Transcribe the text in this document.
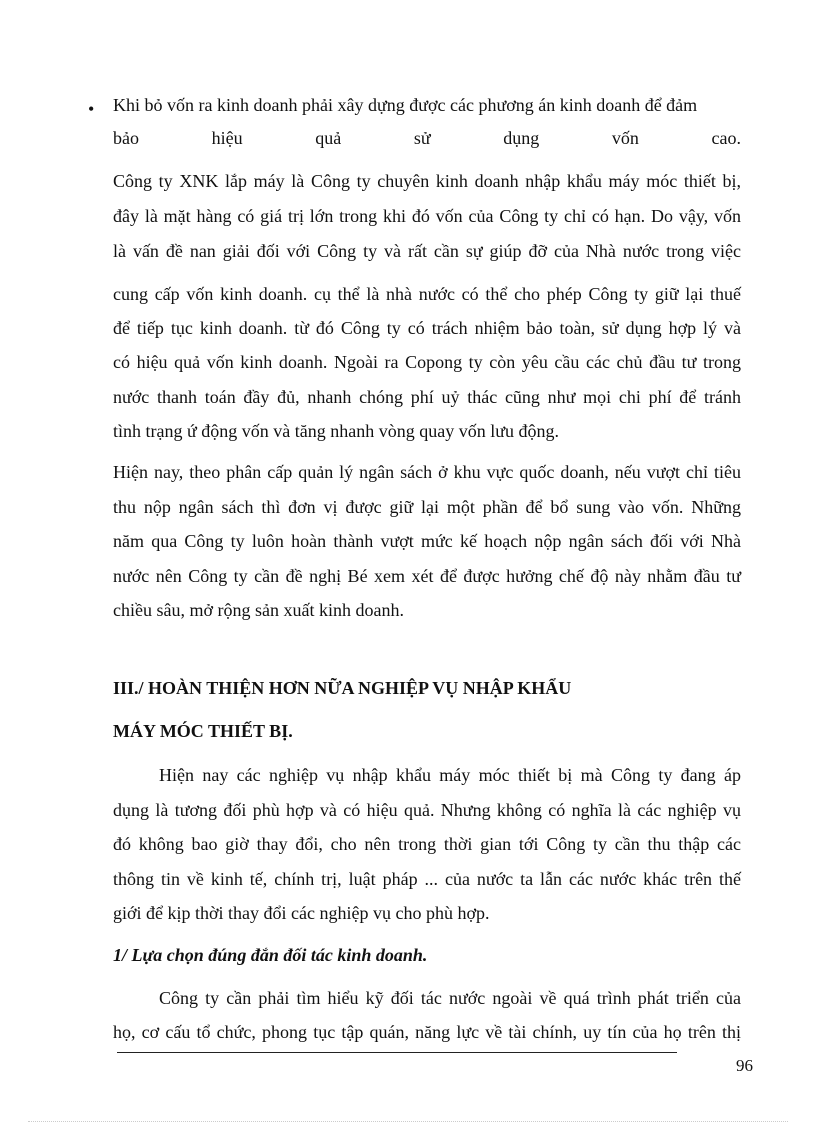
• Khi bỏ vốn ra kinh doanh phải xây dựng được các phương án kinh doanh để đảm
bảo hiệu quả sử dụng vốn cao.
Công ty XNK lắp máy là Công ty chuyên kinh doanh nhập khẩu máy móc thiết bị,
đây là mặt hàng có giá trị lớn trong khi đó vốn của Công ty chỉ có hạn. Do vậy, vốn
là vấn đề nan giải đối với Công ty và rất cần sự giúp đỡ của Nhà nước trong việc
cung cấp vốn kinh doanh. cụ thể là nhà nước có thể cho phép Công ty giữ lại thuế
để tiếp tục kinh doanh. từ đó Công ty có trách nhiệm bảo toàn, sử dụng hợp lý và
có hiệu quả vốn kinh doanh. Ngoài ra Copong ty còn yêu cầu các chủ đầu tư trong
nước thanh toán đầy đủ, nhanh chóng phí uỷ thác cũng như mọi chi phí để tránh
tình trạng ứ động vốn và tăng nhanh vòng quay vốn lưu động.
Hiện nay, theo phân cấp quản lý ngân sách ở khu vực quốc doanh, nếu vượt chỉ tiêu
thu nộp ngân sách thì đơn vị được giữ lại một phần để bổ sung vào vốn. Những
năm qua Công ty luôn hoàn thành vượt mức kế hoạch nộp ngân sách đối với Nhà
nước nên Công ty cần đề nghị Bé xem xét để được hưởng chế độ này nhằm đầu tư
chiều sâu, mở rộng sản xuất kinh doanh.
III./ HOÀN THIỆN HƠN NỮA NGHIỆP VỤ NHẬP KHẨU
MÁY MÓC THIẾT BỊ.
Hiện nay các nghiệp vụ nhập khẩu máy móc thiết bị mà Công ty đang áp
dụng là tương đối phù hợp và có hiệu quả. Nhưng không có nghĩa là các nghiệp vụ
đó không bao giờ thay đổi, cho nên trong thời gian tới Công ty cần thu thập các
thông tin về kinh tế, chính trị, luật pháp ... của nước ta lẫn các nước khác trên thế
giới để kịp thời thay đổi các nghiệp vụ cho phù hợp.
1/ Lựa chọn đúng đắn đối tác kinh doanh.
Công ty cần phải tìm hiểu kỹ đối tác nước ngoài về quá trình phát triển của
họ, cơ cấu tổ chức, phong tục tập quán, năng lực về tài chính, uy tín của họ trên thị
96
